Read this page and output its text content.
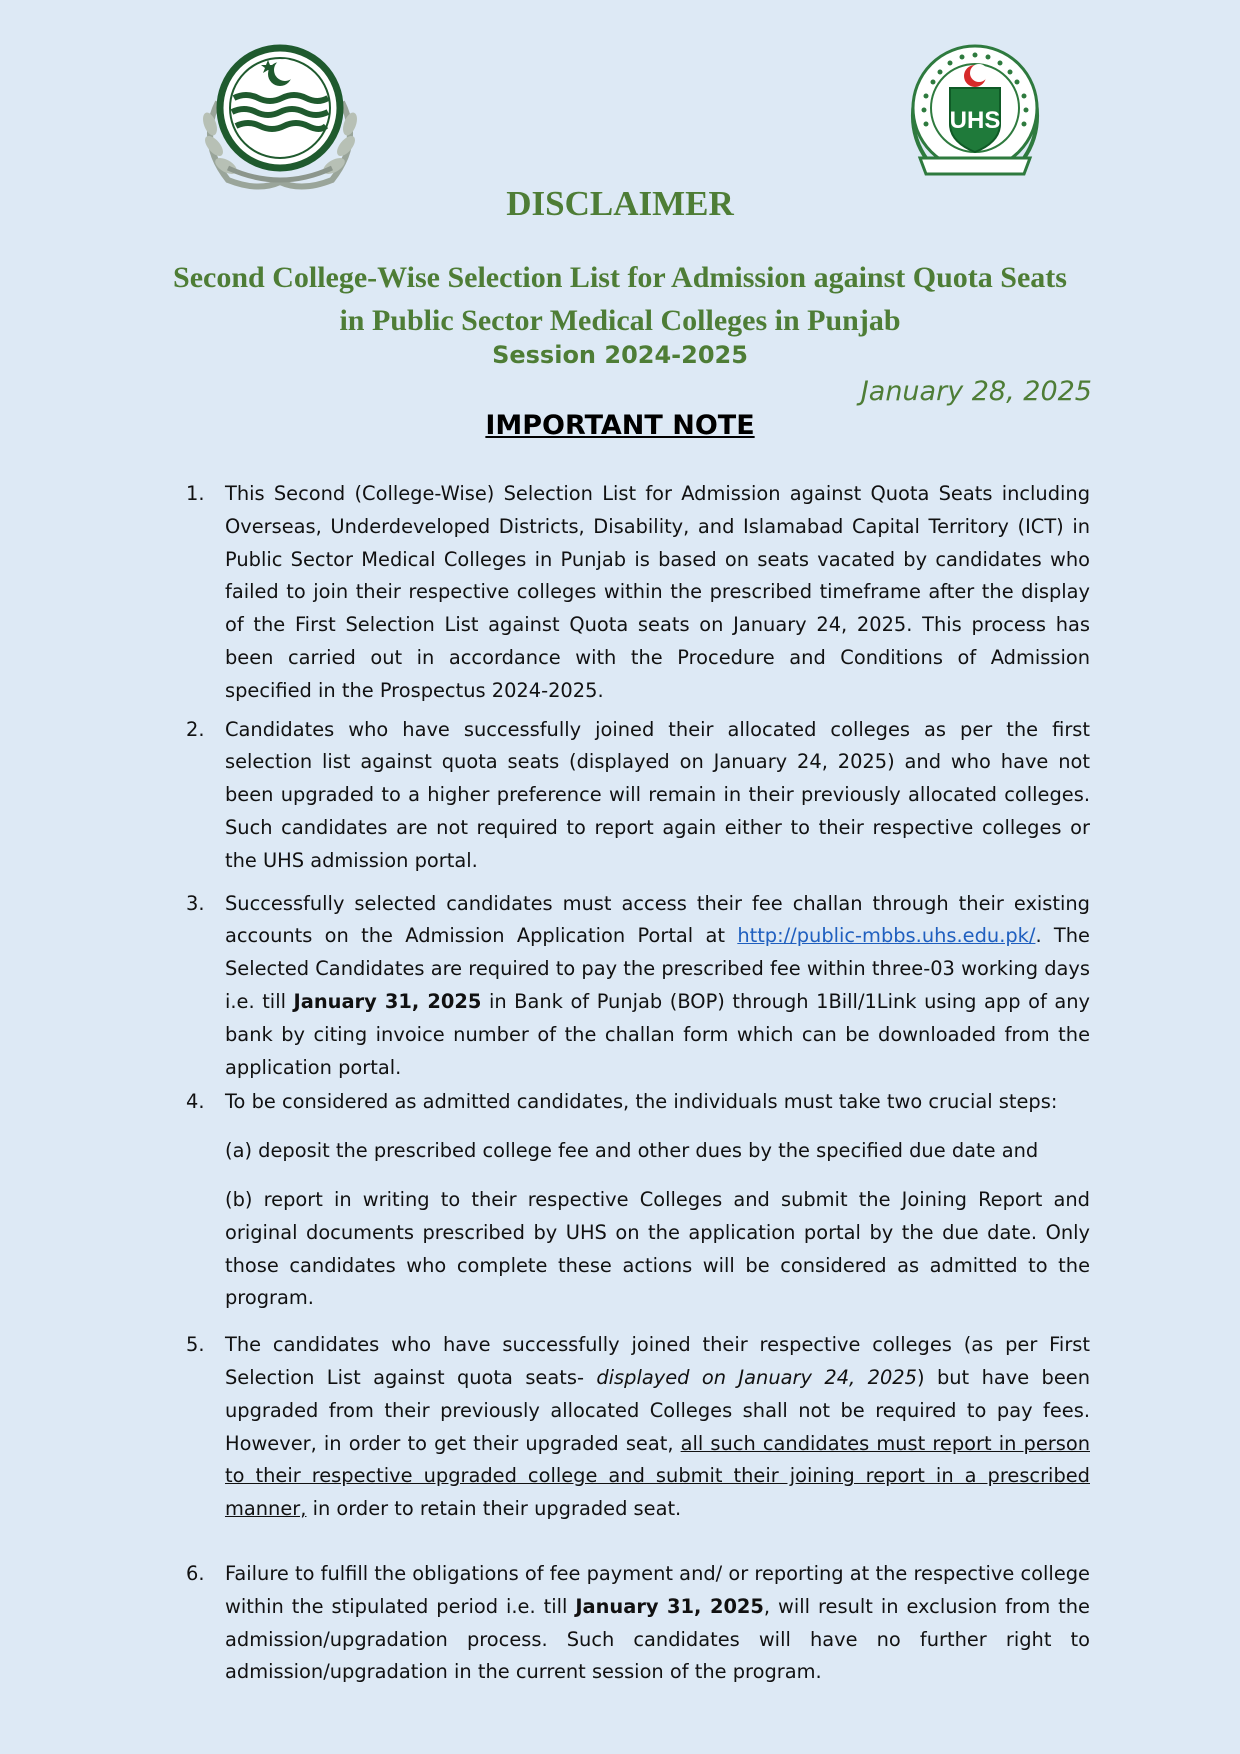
UHS
DISCLAIMER
Second College-Wise Selection List for Admission against Quota Seats
in Public Sector Medical Colleges in Punjab
Session 2024-2025
January 28, 2025
IMPORTANT NOTE
1. This Second (College-Wise) Selection List for Admission against Quota Seats including Overseas, Underdeveloped Districts, Disability, and Islamabad Capital Territory (ICT) in Public Sector Medical Colleges in Punjab is based on seats vacated by candidates who failed to join their respective colleges within the prescribed timeframe after the display of the First Selection List against Quota seats on January 24, 2025. This process has been carried out in accordance with the Procedure and Conditions of Admission specified in the Prospectus 2024-2025.

2. Candidates who have successfully joined their allocated colleges as per the first selection list against quota seats (displayed on January 24, 2025) and who have not been upgraded to a higher preference will remain in their previously allocated colleges. Such candidates are not required to report again either to their respective colleges or the UHS admission portal.

3. Successfully selected candidates must access their fee challan through their existing accounts on the Admission Application Portal at http://public-mbbs.uhs.edu.pk/. The Selected Candidates are required to pay the prescribed fee within three-03 working days i.e. till January 31, 2025 in Bank of Punjab (BOP) through 1Bill/1Link using app of any bank by citing invoice number of the challan form which can be downloaded from the application portal.

4. To be considered as admitted candidates, the individuals must take two crucial steps:

(a) deposit the prescribed college fee and other dues by the specified due date and

(b) report in writing to their respective Colleges and submit the Joining Report and original documents prescribed by UHS on the application portal by the due date. Only those candidates who complete these actions will be considered as admitted to the program.

5. The candidates who have successfully joined their respective colleges (as per First Selection List against quota seats- displayed on January 24, 2025) but have been upgraded from their previously allocated Colleges shall not be required to pay fees. However, in order to get their upgraded seat, all such candidates must report in person to their respective upgraded college and submit their joining report in a prescribed manner, in order to retain their upgraded seat.

6. Failure to fulfill the obligations of fee payment and/ or reporting at the respective college within the stipulated period i.e. till January 31, 2025, will result in exclusion from the admission/upgradation process. Such candidates will have no further right to admission/upgradation in the current session of the program.
